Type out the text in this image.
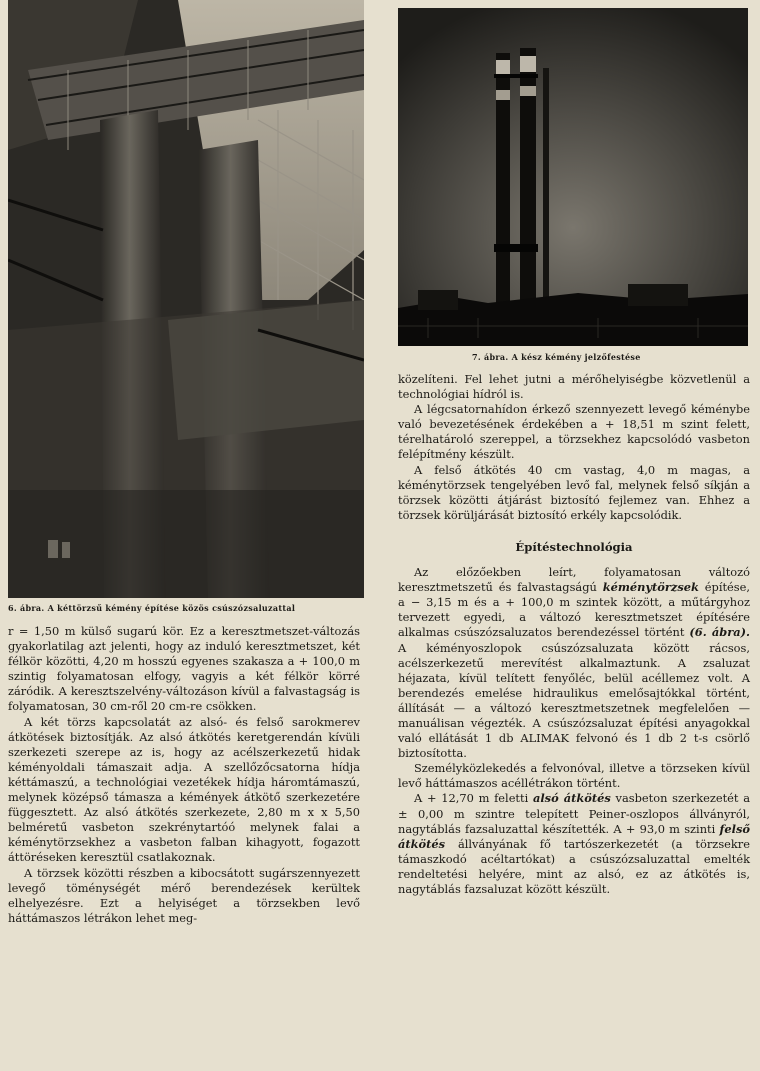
6. ábra. A kéttörzsű kémény építése közös csúszózsaluzattal
7. ábra. A kész kémény jelzőfestése

r = 1,50 m külső sugarú kör. Ez a keresztmetszet-változás gyakorlatilag azt jelenti, hogy az induló keresztmetszet, két félkör közötti, 4,20 m hosszú egyenes szakasza a + 100,0 m szintig folyamatosan elfogy, vagyis a két félkör körré záródik. A keresztszelvény-változáson kívül a falvastagság is folyamatosan, 30 cm-ről 20 cm-re csökken.

A két törzs kapcsolatát az alsó- és felső sarokmerev átkötések biztosítják. Az alsó átkötés keretgerendán kívüli szerkezeti szerepe az is, hogy az acélszerkezetű hidak kéményoldali támaszait adja. A szellőzőcsatorna hídja kéttámaszú, a technológiai vezetékek hídja háromtámaszú, melynek középső támasza a kémények átkötő szerkezetére függesztett. Az alsó átkötés szerkezete, 2,80 m x x 5,50 belméretű vasbeton szekrénytartóó melynek falai a kéménytörzsekhez a vasbeton falban kihagyott, fogazott áttöréseken keresztül csatlakoznak.

A törzsek közötti részben a kibocsátott sugárszennyezett levegő töménységét mérő berendezések kerültek elhelyezésre. Ezt a helyiséget a törzsekben levő háttámaszos létrákon lehet meg-

közelíteni. Fel lehet jutni a mérőhelyiségbe közvetlenül a technológiai hídról is.

A légcsatornahídon érkező szennyezett levegő kéménybe való bevezetésének érdekében a + 18,51 m szint felett, térelhatároló szereppel, a törzsekhez kapcsolódó vasbeton felépítmény készült.

A felső átkötés 40 cm vastag, 4,0 m magas, a kéménytörzsek tengelyében levő fal, melynek felső síkján a törzsek közötti átjárást biztosító fejlemez van. Ehhez a törzsek körüljárását biztosító erkély kapcsolódik.

Építéstechnológia

Az előzőekben leírt, folyamatosan változó keresztmetszetű és falvastagságú kéménytörzsek építése, a − 3,15 m és a + 100,0 m szintek között, a műtárgyhoz tervezett egyedi, a változó keresztmetszet építésére alkalmas csúszózsaluzatos berendezéssel történt (6. ábra). A kéményoszlopok csúszózsaluzata között rácsos, acélszerkezetű merevítést alkalmaztunk. A zsaluzat héjazata, kívül telített fenyőléc, belül acéllemez volt. A berendezés emelése hidraulikus emelősajtókkal történt, állítását — a változó keresztmetszetnek megfelelően — manuálisan végezték. A csúszózsaluzat építési anyagokkal való ellátását 1 db ALIMAK felvonó és 1 db 2 t-s csörlő biztosította.

Személyközlekedés a felvonóval, illetve a törzseken kívül levő háttámaszos acéllétrákon történt.

A + 12,70 m feletti alsó átkötés vasbeton szerkezetét a ± 0,00 m szintre telepített Peiner-oszlopos állványról, nagytáblás fazsaluzattal készítették. A + 93,0 m szinti felső átkötés állványának fő tartószerkezetét (a törzsekre támaszkodó acéltartókat) a csúszózsaluzattal emelték rendeltetési helyére, mint az alsó, ez az átkötés is, nagytáblás fazsaluzat között készült.
